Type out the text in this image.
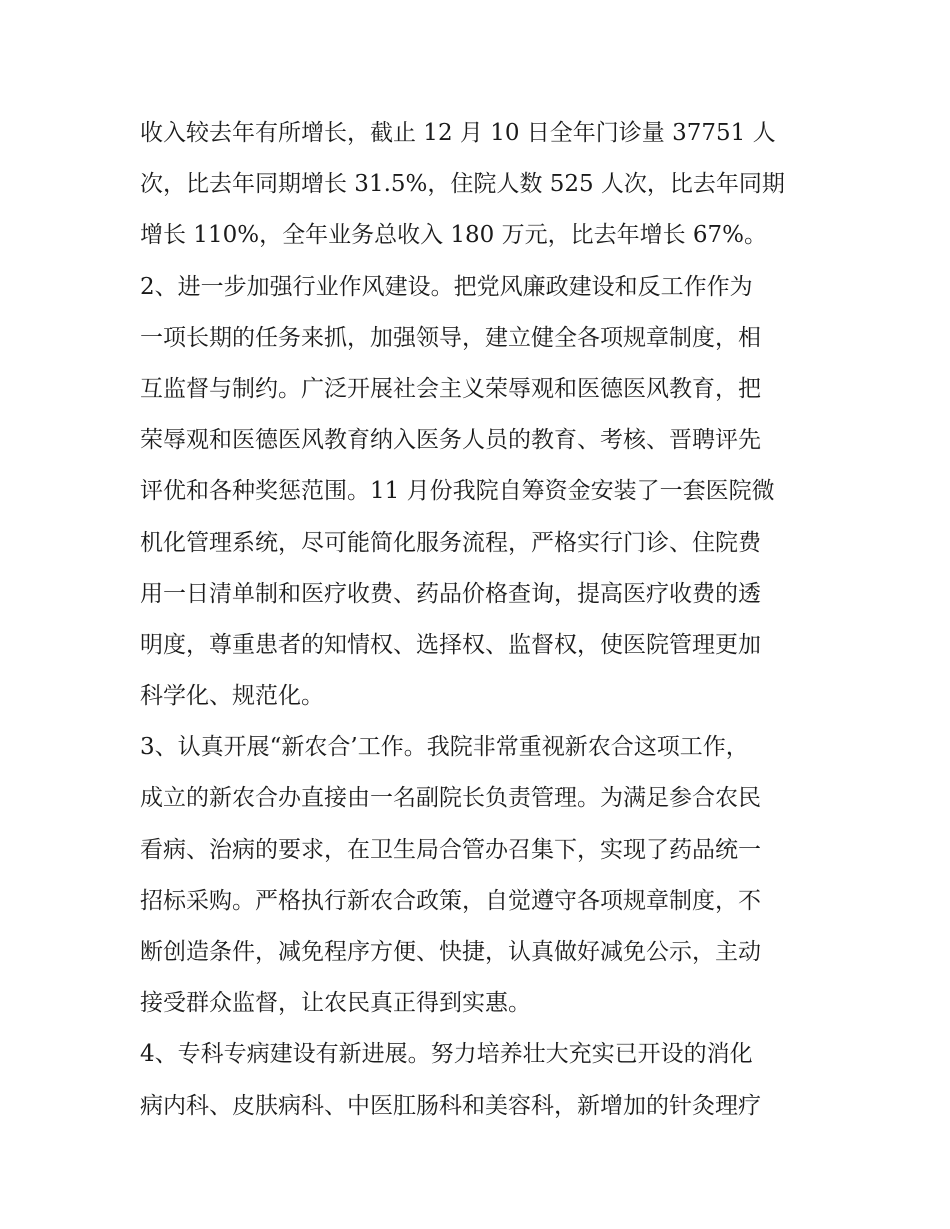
收入较去年有所增长，截止 12 月 10 日全年门诊量 37751 人
次，比去年同期增长 31.5%，住院人数 525 人次，比去年同期
增长 110%，全年业务总收入 180 万元，比去年增长 67%。
2、进一步加强行业作风建设。把党风廉政建设和反工作作为
一项长期的任务来抓，加强领导，建立健全各项规章制度，相
互监督与制约。广泛开展社会主义荣辱观和医德医风教育，把
荣辱观和医德医风教育纳入医务人员的教育、考核、晋聘评先
评优和各种奖惩范围。11 月份我院自筹资金安装了一套医院微
机化管理系统，尽可能简化服务流程，严格实行门诊、住院费
用一日清单制和医疗收费、药品价格查询，提高医疗收费的透
明度，尊重患者的知情权、选择权、监督权，使医院管理更加
科学化、规范化。
3、认真开展“新农合’工作。我院非常重视新农合这项工作，
成立的新农合办直接由一名副院长负责管理。为满足参合农民
看病、治病的要求，在卫生局合管办召集下，实现了药品统一
招标采购。严格执行新农合政策，自觉遵守各项规章制度，不
断创造条件，减免程序方便、快捷，认真做好减免公示，主动
接受群众监督，让农民真正得到实惠。
4、专科专病建设有新进展。努力培养壮大充实已开设的消化
病内科、皮肤病科、中医肛肠科和美容科，新增加的针灸理疗
